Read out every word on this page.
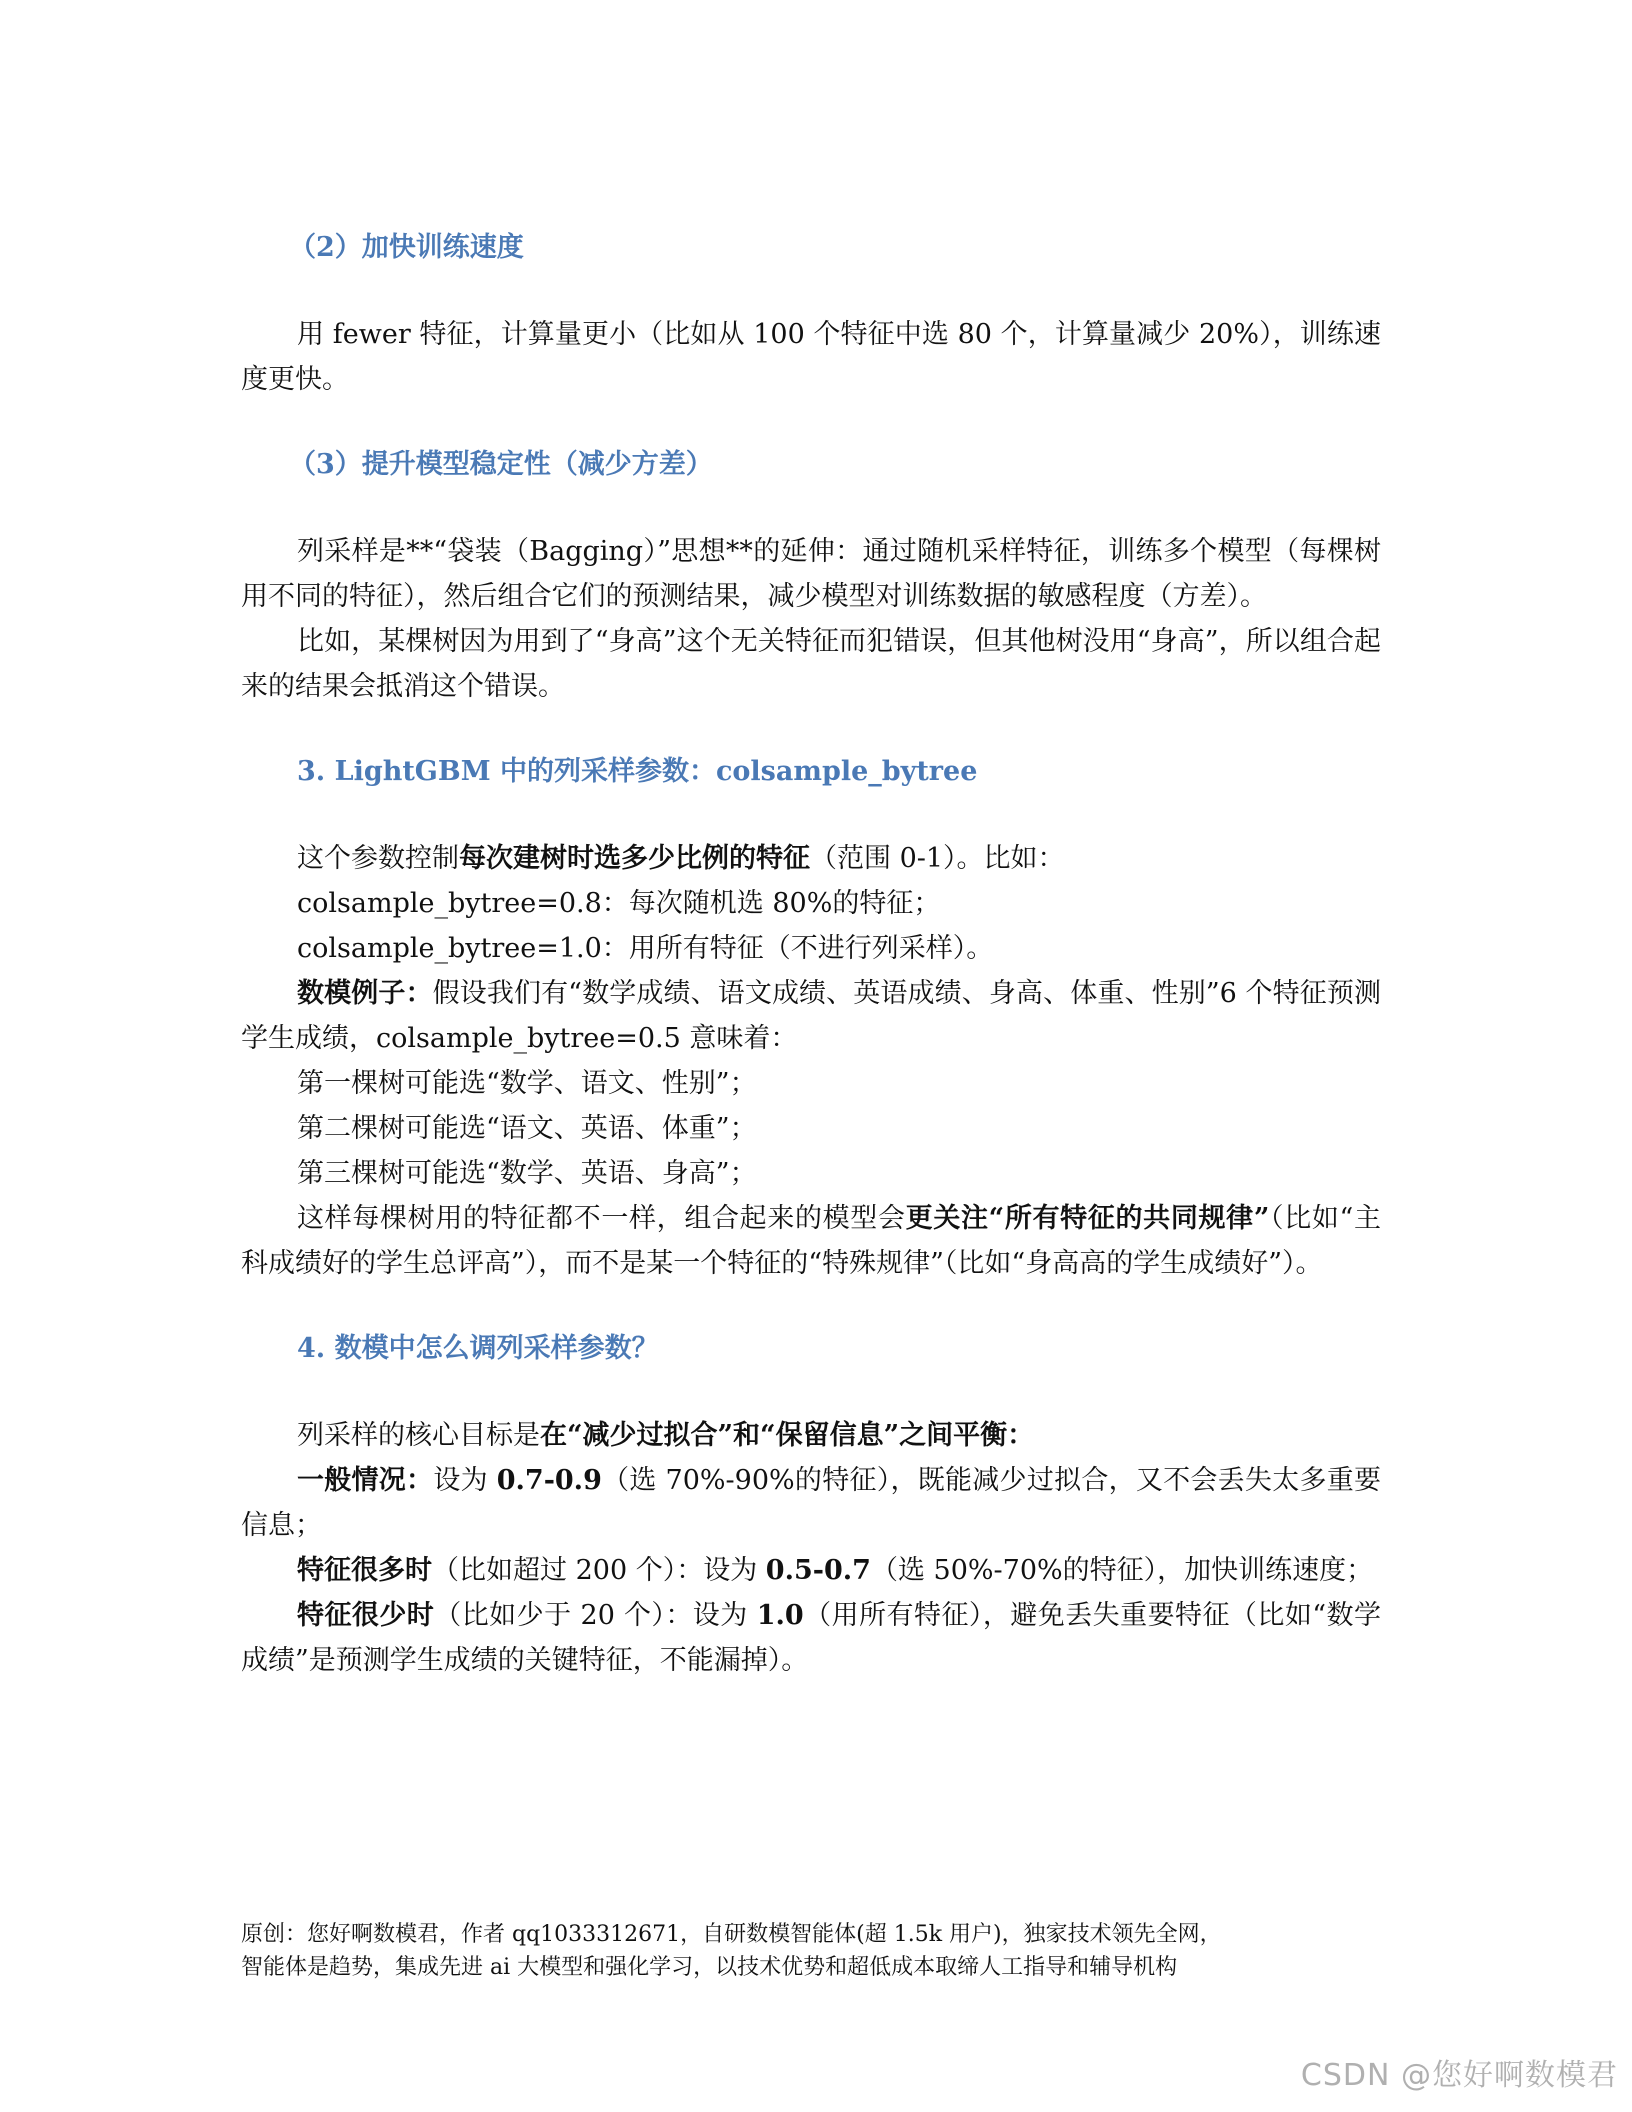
（2）加快训练速度

用 fewer 特征，计算量更小（比如从 100 个特征中选 80 个，计算量减少 20%），训练速度更快。

（3）提升模型稳定性（减少方差）

列采样是**“袋装（Bagging）”思想**的延伸：通过随机采样特征，训练多个模型（每棵树用不同的特征），然后组合它们的预测结果，减少模型对训练数据的敏感程度（方差）。

比如，某棵树因为用到了“身高”这个无关特征而犯错误，但其他树没用“身高”，所以组合起来的结果会抵消这个错误。

3. LightGBM 中的列采样参数：colsample_bytree

这个参数控制每次建树时选多少比例的特征（范围 0-1）。比如：

colsample_bytree=0.8：每次随机选 80%的特征；

colsample_bytree=1.0：用所有特征（不进行列采样）。

数模例子：假设我们有“数学成绩、语文成绩、英语成绩、身高、体重、性别”6 个特征预测学生成绩，colsample_bytree=0.5 意味着：

第一棵树可能选“数学、语文、性别”；

第二棵树可能选“语文、英语、体重”；

第三棵树可能选“数学、英语、身高”；

这样每棵树用的特征都不一样，组合起来的模型会更关注“所有特征的共同规律”（比如“主科成绩好的学生总评高”），而不是某一个特征的“特殊规律”（比如“身高高的学生成绩好”）。

4. 数模中怎么调列采样参数？

列采样的核心目标是在“减少过拟合”和“保留信息”之间平衡：

一般情况：设为 0.7-0.9（选 70%-90%的特征），既能减少过拟合，又不会丢失太多重要信息；

特征很多时（比如超过 200 个）：设为 0.5-0.7（选 50%-70%的特征），加快训练速度；

特征很少时（比如少于 20 个）：设为 1.0（用所有特征），避免丢失重要特征（比如“数学成绩”是预测学生成绩的关键特征，不能漏掉）。

原创：您好啊数模君，作者 qq1033312671，自研数模智能体(超 1.5k 用户)，独家技术领先全网，
智能体是趋势，集成先进 ai 大模型和强化学习，以技术优势和超低成本取缔人工指导和辅导机构
CSDN @您好啊数模君
